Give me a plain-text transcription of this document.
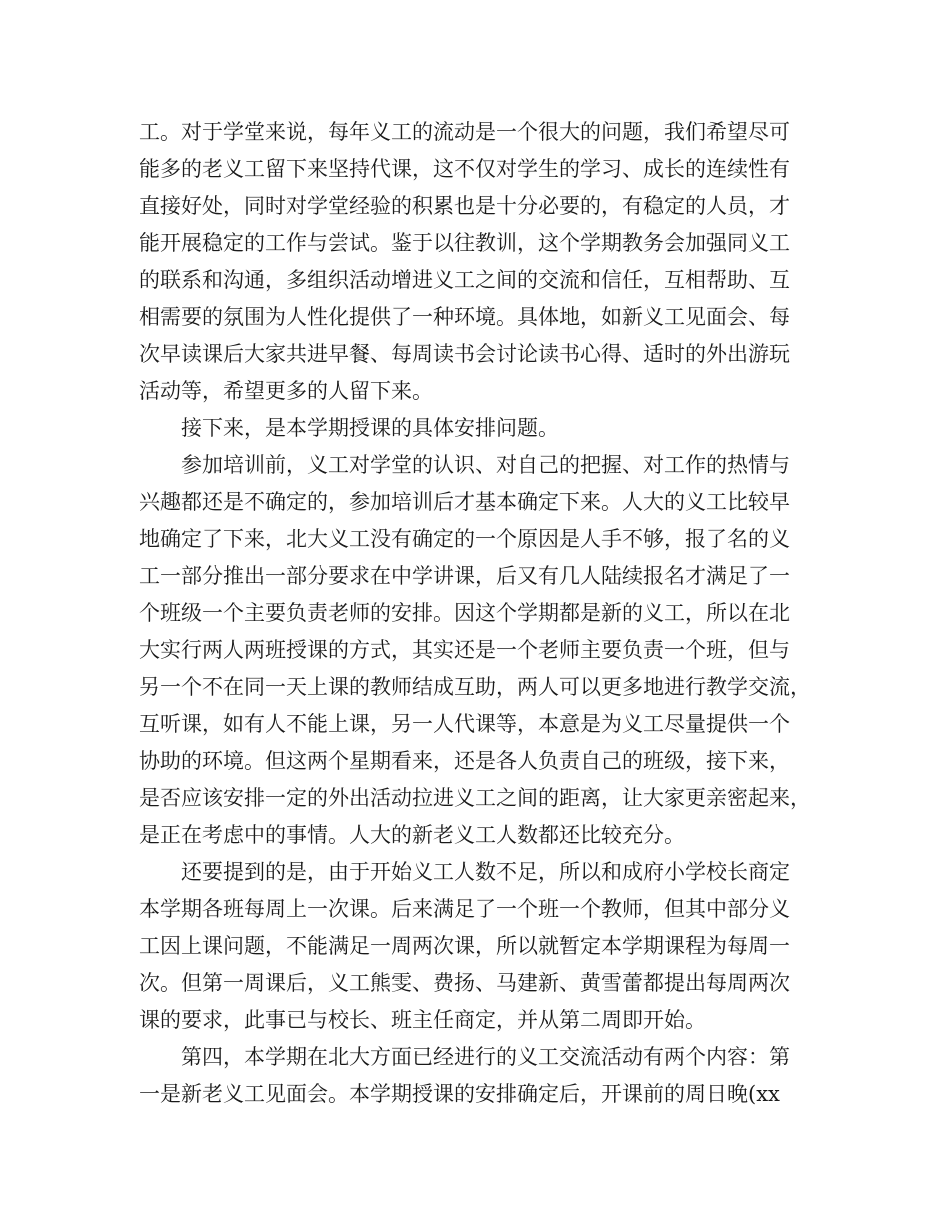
工。对于学堂来说，每年义工的流动是一个很大的问题，我们希望尽可
能多的老义工留下来坚持代课，这不仅对学生的学习、成长的连续性有
直接好处，同时对学堂经验的积累也是十分必要的，有稳定的人员，才
能开展稳定的工作与尝试。鉴于以往教训，这个学期教务会加强同义工
的联系和沟通，多组织活动增进义工之间的交流和信任，互相帮助、互
相需要的氛围为人性化提供了一种环境。具体地，如新义工见面会、每
次早读课后大家共进早餐、每周读书会讨论读书心得、适时的外出游玩
活动等，希望更多的人留下来。
　　接下来，是本学期授课的具体安排问题。
　　参加培训前，义工对学堂的认识、对自己的把握、对工作的热情与
兴趣都还是不确定的，参加培训后才基本确定下来。人大的义工比较早
地确定了下来，北大义工没有确定的一个原因是人手不够，报了名的义
工一部分推出一部分要求在中学讲课，后又有几人陆续报名才满足了一
个班级一个主要负责老师的安排。因这个学期都是新的义工，所以在北
大实行两人两班授课的方式，其实还是一个老师主要负责一个班，但与
另一个不在同一天上课的教师结成互助，两人可以更多地进行教学交流，
互听课，如有人不能上课，另一人代课等，本意是为义工尽量提供一个
协助的环境。但这两个星期看来，还是各人负责自己的班级，接下来，
是否应该安排一定的外出活动拉进义工之间的距离，让大家更亲密起来，
是正在考虑中的事情。人大的新老义工人数都还比较充分。
　　还要提到的是，由于开始义工人数不足，所以和成府小学校长商定
本学期各班每周上一次课。后来满足了一个班一个教师，但其中部分义
工因上课问题，不能满足一周两次课，所以就暂定本学期课程为每周一
次。但第一周课后，义工熊雯、费扬、马建新、黄雪蕾都提出每周两次
课的要求，此事已与校长、班主任商定，并从第二周即开始。
　　第四，本学期在北大方面已经进行的义工交流活动有两个内容：第
一是新老义工见面会。本学期授课的安排确定后，开课前的周日晚(xx
